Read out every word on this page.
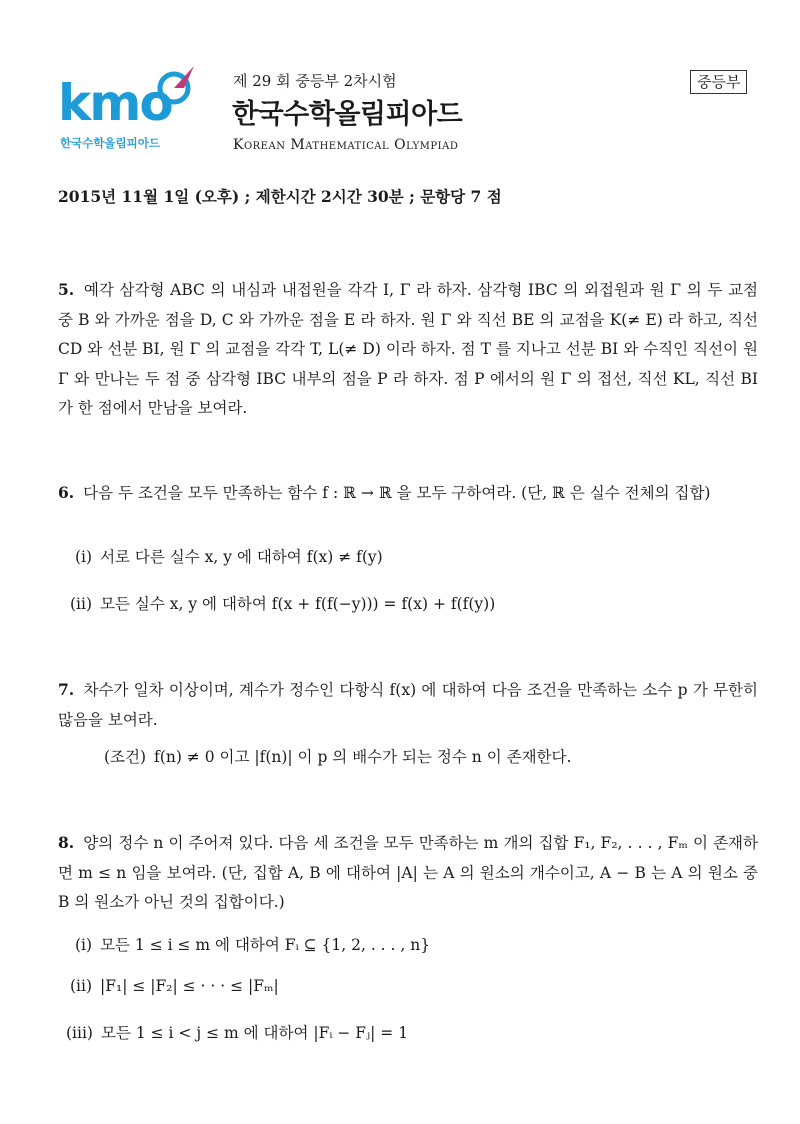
kmo
한국수학올림피아드
제 29 회 중등부 2차시험
한국수학올림피아드
Korean Mathematical Olympiad
중등부
2015년 11월 1일 (오후) ; 제한시간 2시간 30분 ; 문항당 7 점
5. 예각 삼각형 ABC 의 내심과 내접원을 각각 I, Γ 라 하자. 삼각형 IBC 의 외접원과 원 Γ 의 두 교점 중 B 와 가까운 점을 D, C 와 가까운 점을 E 라 하자. 원 Γ 와 직선 BE 의 교점을 K(≠ E) 라 하고, 직선 CD 와 선분 BI, 원 Γ 의 교점을 각각 T, L(≠ D) 이라 하자. 점 T 를 지나고 선분 BI 와 수직인 직선이 원 Γ 와 만나는 두 점 중 삼각형 IBC 내부의 점을 P 라 하자. 점 P 에서의 원 Γ 의 접선, 직선 KL, 직선 BI 가 한 점에서 만남을 보여라.
6. 다음 두 조건을 모두 만족하는 함수 f : ℝ → ℝ 을 모두 구하여라. (단, ℝ 은 실수 전체의 집합)
(i) 서로 다른 실수 x, y 에 대하여 f(x) ≠ f(y)
(ii) 모든 실수 x, y 에 대하여 f(x + f(f(−y))) = f(x) + f(f(y))
7. 차수가 일차 이상이며, 계수가 정수인 다항식 f(x) 에 대하여 다음 조건을 만족하는 소수 p 가 무한히 많음을 보여라.
(조건) f(n) ≠ 0 이고 |f(n)| 이 p 의 배수가 되는 정수 n 이 존재한다.
8. 양의 정수 n 이 주어져 있다. 다음 세 조건을 모두 만족하는 m 개의 집합 F₁, F₂, . . . , Fₘ 이 존재하면 m ≤ n 임을 보여라. (단, 집합 A, B 에 대하여 |A| 는 A 의 원소의 개수이고, A − B 는 A 의 원소 중 B 의 원소가 아닌 것의 집합이다.)
(i) 모든 1 ≤ i ≤ m 에 대하여 Fᵢ ⊆ {1, 2, . . . , n}
(ii) |F₁| ≤ |F₂| ≤ · · · ≤ |Fₘ|
(iii) 모든 1 ≤ i < j ≤ m 에 대하여 |Fᵢ − Fⱼ| = 1
